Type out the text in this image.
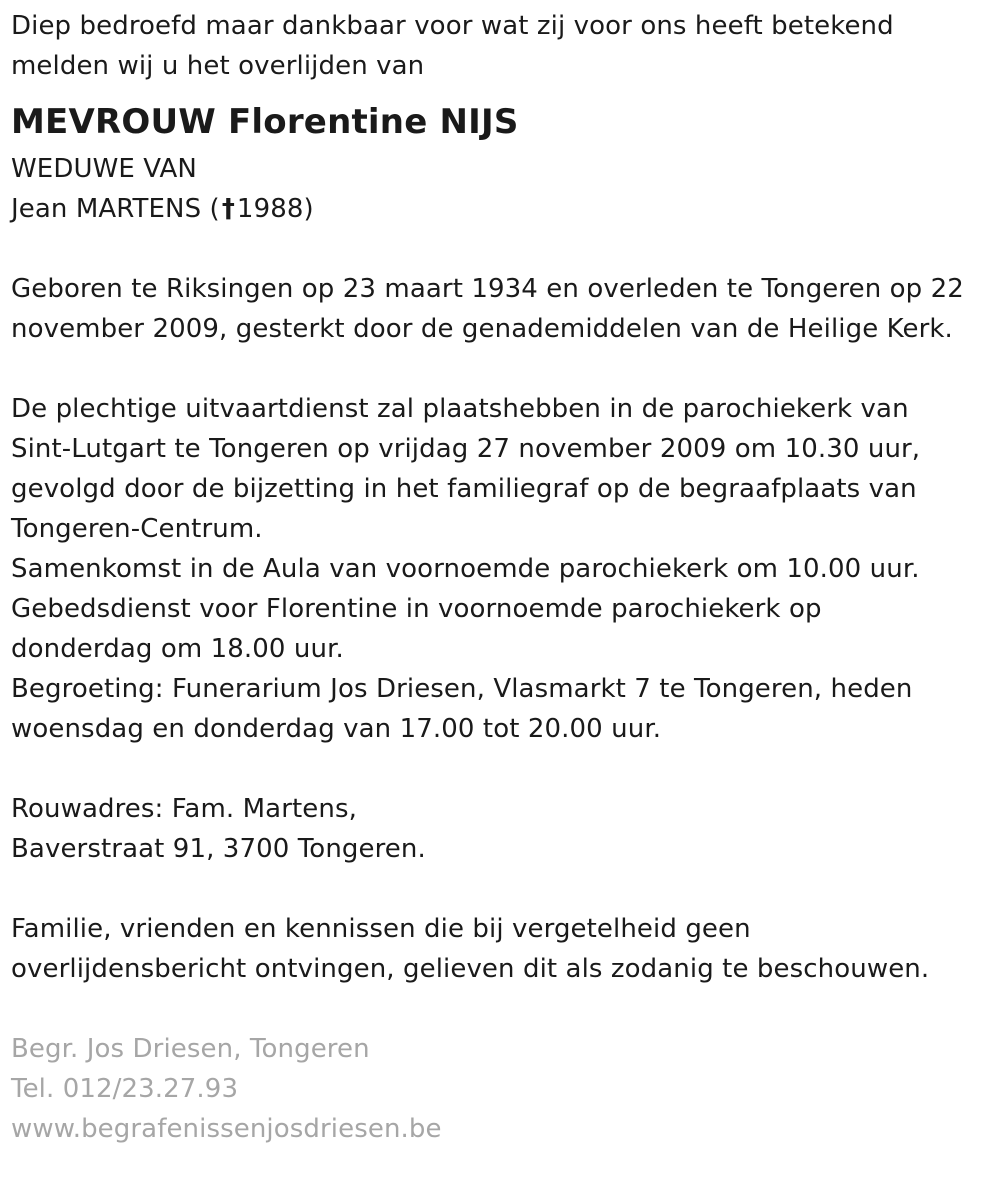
Diep bedroefd maar dankbaar voor wat zij voor ons heeft betekend
melden wij u het overlijden van
MEVROUW Florentine NIJS
WEDUWE VAN
Jean MARTENS (†1988)
Geboren te Riksingen op 23 maart 1934 en overleden te Tongeren op 22
november 2009, gesterkt door de genademiddelen van de Heilige Kerk.
De plechtige uitvaartdienst zal plaatshebben in de parochiekerk van
Sint-Lutgart te Tongeren op vrijdag 27 november 2009 om 10.30 uur,
gevolgd door de bijzetting in het familiegraf op de begraafplaats van
Tongeren-Centrum.
Samenkomst in de Aula van voornoemde parochiekerk om 10.00 uur.
Gebedsdienst voor Florentine in voornoemde parochiekerk op
donderdag om 18.00 uur.
Begroeting: Funerarium Jos Driesen, Vlasmarkt 7 te Tongeren, heden
woensdag en donderdag van 17.00 tot 20.00 uur.
Rouwadres: Fam. Martens,
Baverstraat 91, 3700 Tongeren.
Familie, vrienden en kennissen die bij vergetelheid geen
overlijdensbericht ontvingen, gelieven dit als zodanig te beschouwen.
Begr. Jos Driesen, Tongeren
Tel. 012/23.27.93
www.begrafenissenjosdriesen.be
